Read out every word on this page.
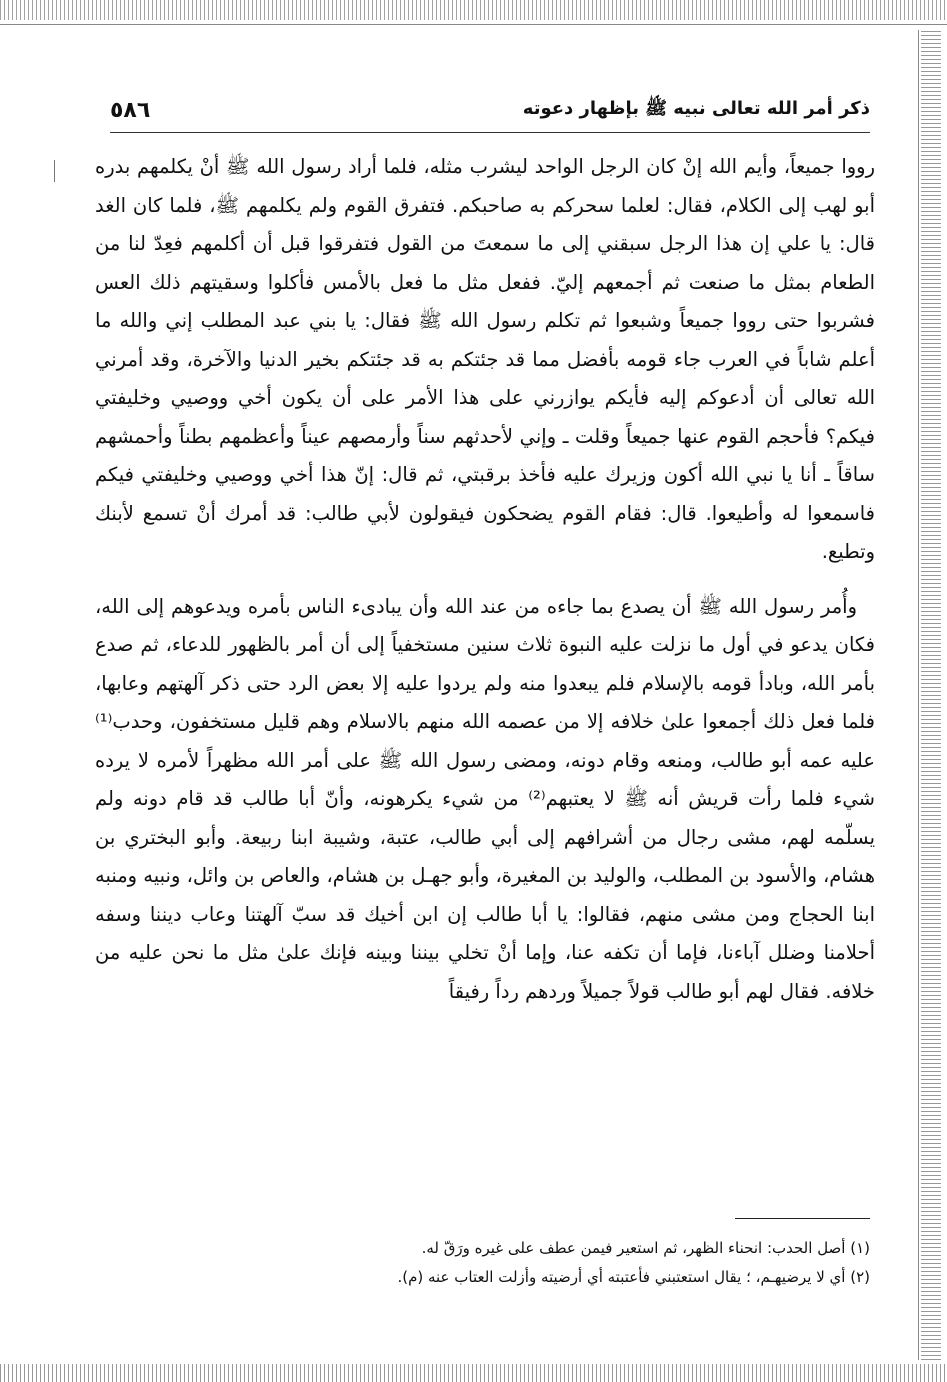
ذكر أمر الله تعالى نبيه ﷺ بإظهار دعوته
٥٨٦

رووا جميعاً، وأيم الله إنْ كان الرجل الواحد ليشرب مثله، فلما أراد رسول الله ﷺ أنْ يكلمهم بدره أبو لهب إلى الكلام، فقال: لعلما سحركم به صاحبكم. فتفرق القوم ولم يكلمهم ﷺ، فلما كان الغد قال: يا علي إن هذا الرجل سبقني إلى ما سمعتَ من القول فتفرقوا قبل أن أكلمهم فعِدّ لنا من الطعام بمثل ما صنعت ثم أجمعهم إليّ. ففعل مثل ما فعل بالأمس فأكلوا وسقيتهم ذلك العس فشربوا حتى رووا جميعاً وشبعوا ثم تكلم رسول الله ﷺ فقال: يا بني عبد المطلب إني والله ما أعلم شاباً في العرب جاء قومه بأفضل مما قد جئتكم به قد جئتكم بخير الدنيا والآخرة، وقد أمرني الله تعالى أن أدعوكم إليه فأيكم يوازرني على هذا الأمر على أن يكون أخي ووصيي وخليفتي فيكم؟ فأحجم القوم عنها جميعاً وقلت ـ وإني لأحدثهم سناً وأرمصهم عيناً وأعظمهم بطناً وأحمشهم ساقاً ـ أنا يا نبي الله أكون وزيرك عليه فأخذ برقبتي، ثم قال: إنّ هذا أخي ووصيي وخليفتي فيكم فاسمعوا له وأطيعوا. قال: فقام القوم يضحكون فيقولون لأبي طالب: قد أمرك أنْ تسمع لأبنك وتطيع.

وأُمر رسول الله ﷺ أن يصدع بما جاءه من عند الله وأن يبادىء الناس بأمره ويدعوهم إلى الله، فكان يدعو في أول ما نزلت عليه النبوة ثلاث سنين مستخفياً إلى أن أمر بالظهور للدعاء، ثم صدع بأمر الله، وبادأ قومه بالإسلام فلم يبعدوا منه ولم يردوا عليه إلا بعض الرد حتى ذكر آلهتهم وعابها، فلما فعل ذلك أجمعوا علىٰ خلافه إلا من عصمه الله منهم بالاسلام وهم قليل مستخفون، وحدب⁽¹⁾ عليه عمه أبو طالب، ومنعه وقام دونه، ومضى رسول الله ﷺ على أمر الله مظهراً لأمره لا يرده شيء فلما رأت قريش أنه ﷺ لا يعتبهم⁽²⁾ من شيء يكرهونه، وأنّ أبا طالب قد قام دونه ولم يسلّمه لهم، مشى رجال من أشرافهم إلى أبي طالب، عتبة، وشيبة ابنا ربيعة. وأبو البختري بن هشام، والأسود بن المطلب، والوليد بن المغيرة، وأبو جهـل بن هشام، والعاص بن وائل، ونبيه ومنبه ابنا الحجاج ومن مشى منهم، فقالوا: يا أبا طالب إن ابن أخيك قد سبّ آلهتنا وعاب ديننا وسفه أحلامنا وضلل آباءنا، فإما أن تكفه عنا، وإما أنْ تخلي بيننا وبينه فإنك علىٰ مثل ما نحن عليه من خلافه. فقال لهم أبو طالب قولاً جميلاً وردهم رداً رفيقاً

(١) أصل الحدب: انحناء الظهر، ثم استعير فيمن عطف على غيره ورَقّ له.

(٢) أي لا يرضيهـم، ؛ يقال استعتبني فأعتبته أي أرضيته وأزلت العتاب عنه (م).
